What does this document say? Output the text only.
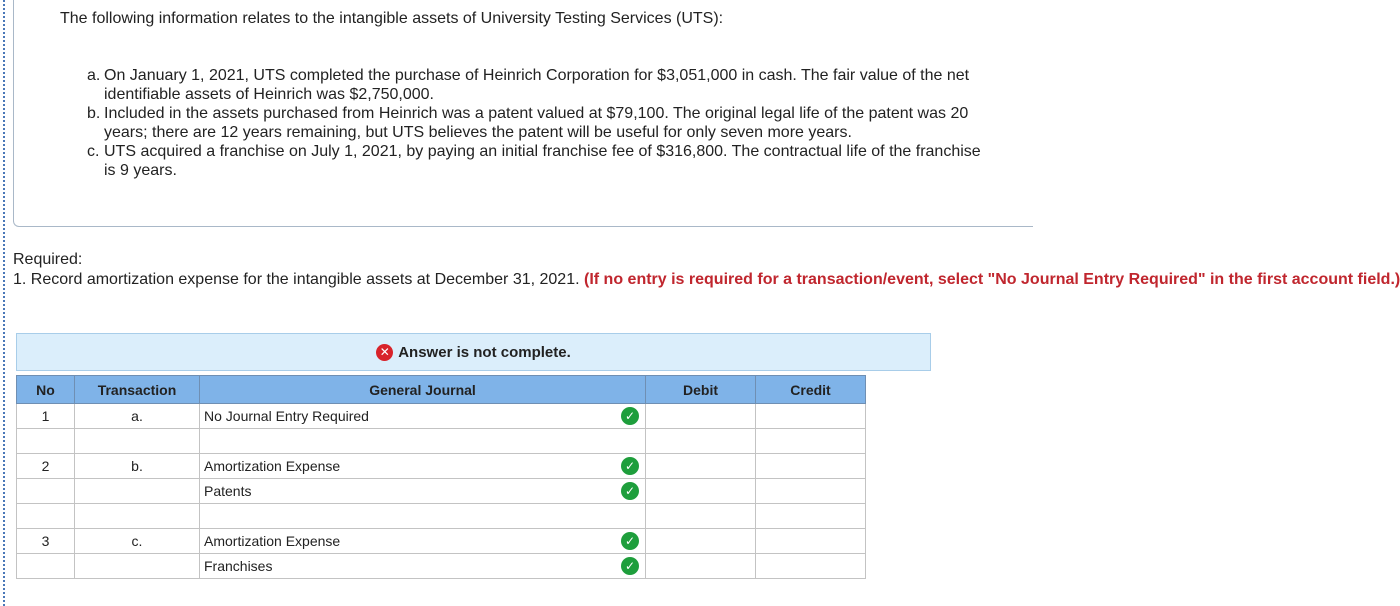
The following information relates to the intangible assets of University Testing Services (UTS):
a. On January 1, 2021, UTS completed the purchase of Heinrich Corporation for $3,051,000 in cash. The fair value of the net identifiable assets of Heinrich was $2,750,000.
b. Included in the assets purchased from Heinrich was a patent valued at $79,100. The original legal life of the patent was 20 years; there are 12 years remaining, but UTS believes the patent will be useful for only seven more years.
c. UTS acquired a franchise on July 1, 2021, by paying an initial franchise fee of $316,800. The contractual life of the franchise is 9 years.
Required:
1. Record amortization expense for the intangible assets at December 31, 2021. (If no entry is required for a transaction/event, select "No Journal Entry Required" in the first account field.)
✕ Answer is not complete.
No	Transaction	General Journal	Debit	Credit
1	a.	No Journal Entry Required ✓		

2	b.	Amortization Expense ✓		

		Patents ✓		

3	c.	Amortization Expense ✓		

		Franchises ✓		
